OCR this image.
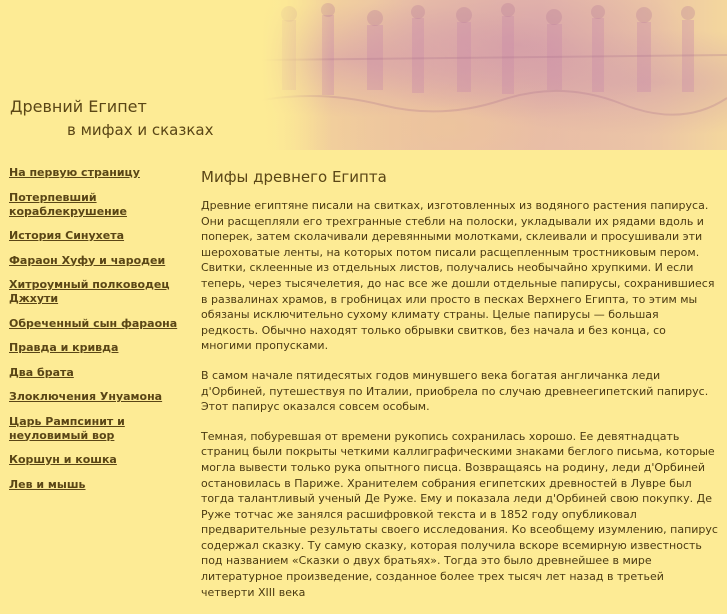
Древний Египет
в мифах и сказках
На первую страницу
Потерпевший кораблекрушение
История Синухета
Фараон Хуфу и чародеи
Хитроумный полководец Джхути
Обреченный сын фараона
Правда и кривда
Два брата
Злоключения Унуамона
Царь Рампсинит и неуловимый вор
Коршун и кошка
Лев и мышь
Мифы древнего Египта

Древние египтяне писали на свитках, изготовленных из водяного растения папируса. Они расщепляли его трехгранные стебли на полоски, укладывали их рядами вдоль и поперек, затем сколачивали деревянными молотками, склеивали и просушивали эти шероховатые ленты, на которых потом писали расщепленным тростниковым пером. Свитки, склеенные из отдельных листов, получались необычайно хрупкими. И если теперь, через тысячелетия, до нас все же дошли отдельные папирусы, сохранившиеся в развалинах храмов, в гробницах или просто в песках Верхнего Египта, то этим мы обязаны исключительно сухому климату страны. Целые папирусы — большая редкость. Обычно находят только обрывки свитков, без начала и без конца, со многими пропусками.

В самом начале пятидесятых годов минувшего века богатая англичанка леди д'Орбиней, путешествуя по Италии, приобрела по случаю древнеегипетский папирус. Этот папирус оказался совсем особым.

Темная, побуревшая от времени рукопись сохранилась хорошо. Ее девятнадцать страниц были покрыты четкими каллиграфическими знаками беглого письма, которые могла вывести только рука опытного писца. Возвращаясь на родину, леди д'Орбиней остановилась в Париже. Хранителем собрания египетских древностей в Лувре был тогда талантливый ученый Де Руже. Ему и показала леди д'Орбиней свою покупку. Де Руже тотчас же занялся расшифровкой текста и в 1852 году опубликовал предварительные результаты своего исследования. Ко всеобщему изумлению, папирус содержал сказку. Ту самую сказку, которая получила вскоре всемирную известность под названием «Сказки о двух братьях». Тогда это было древнейшее в мире литературное произведение, созданное более трех тысяч лет назад в третьей четверти XIII века
